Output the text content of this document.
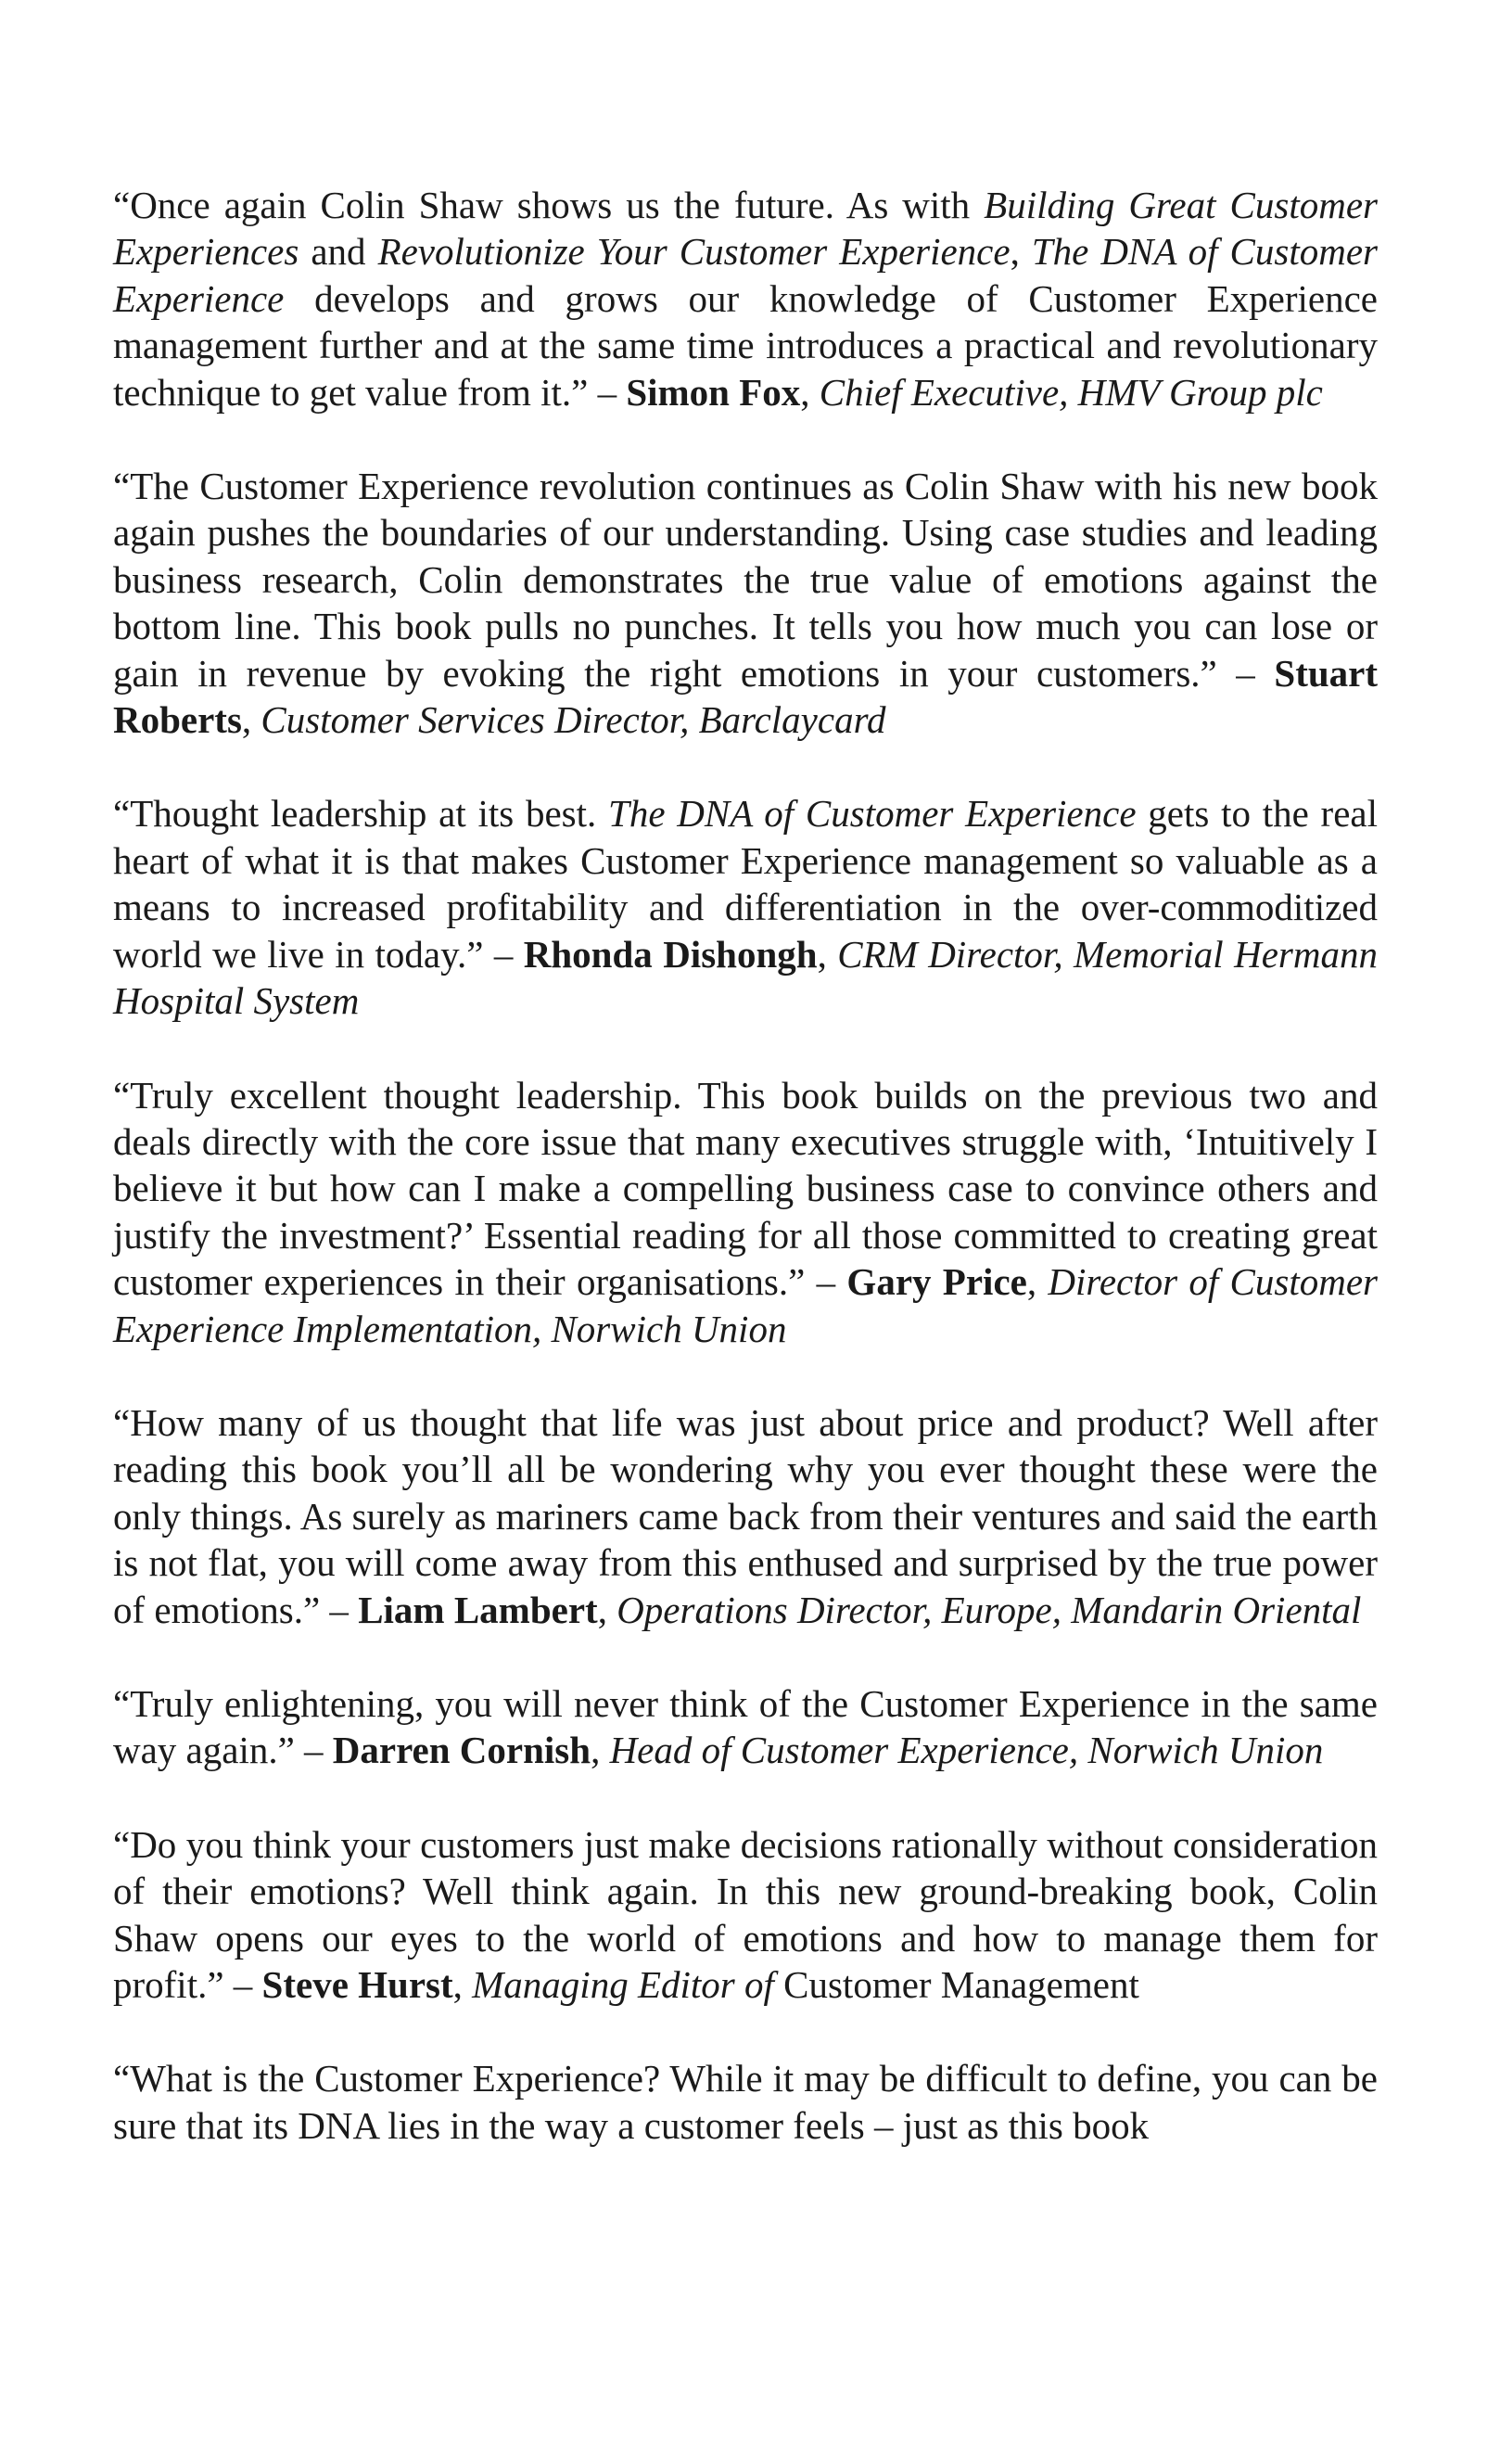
“Once again Colin Shaw shows us the future. As with Building Great Customer Experiences and Revolutionize Your Customer Experience, The DNA of Customer Experience develops and grows our knowledge of Customer Experience management further and at the same time introduces a practical and revolutionary technique to get value from it.” – Simon Fox, Chief Executive, HMV Group plc

“The Customer Experience revolution continues as Colin Shaw with his new book again pushes the boundaries of our understanding. Using case studies and leading business research, Colin demonstrates the true value of emotions against the bottom line. This book pulls no punches. It tells you how much you can lose or gain in revenue by evoking the right emotions in your customers.” – Stuart Roberts, Customer Services Director, Barclaycard

“Thought leadership at its best. The DNA of Customer Experience gets to the real heart of what it is that makes Customer Experience management so valuable as a means to increased profitability and differentiation in the over-commoditized world we live in today.” – Rhonda Dishongh, CRM Director, Memorial Hermann Hospital System

“Truly excellent thought leadership. This book builds on the previous two and deals directly with the core issue that many executives struggle with, ‘Intuitively I believe it but how can I make a compelling business case to convince others and justify the investment?’ Essential reading for all those committed to creating great customer experiences in their organisations.” – Gary Price, Director of Customer Experience Implementation, Norwich Union

“How many of us thought that life was just about price and product? Well after reading this book you’ll all be wondering why you ever thought these were the only things. As surely as mariners came back from their ventures and said the earth is not flat, you will come away from this enthused and surprised by the true power of emotions.” – Liam Lambert, Operations Director, Europe, Mandarin Oriental

“Truly enlightening, you will never think of the Customer Experience in the same way again.” – Darren Cornish, Head of Customer Experience, Norwich Union

“Do you think your customers just make decisions rationally without consideration of their emotions? Well think again. In this new ground-breaking book, Colin Shaw opens our eyes to the world of emotions and how to manage them for profit.” – Steve Hurst, Managing Editor of Customer Management

“What is the Customer Experience? While it may be difficult to define, you can be sure that its DNA lies in the way a customer feels – just as this book
